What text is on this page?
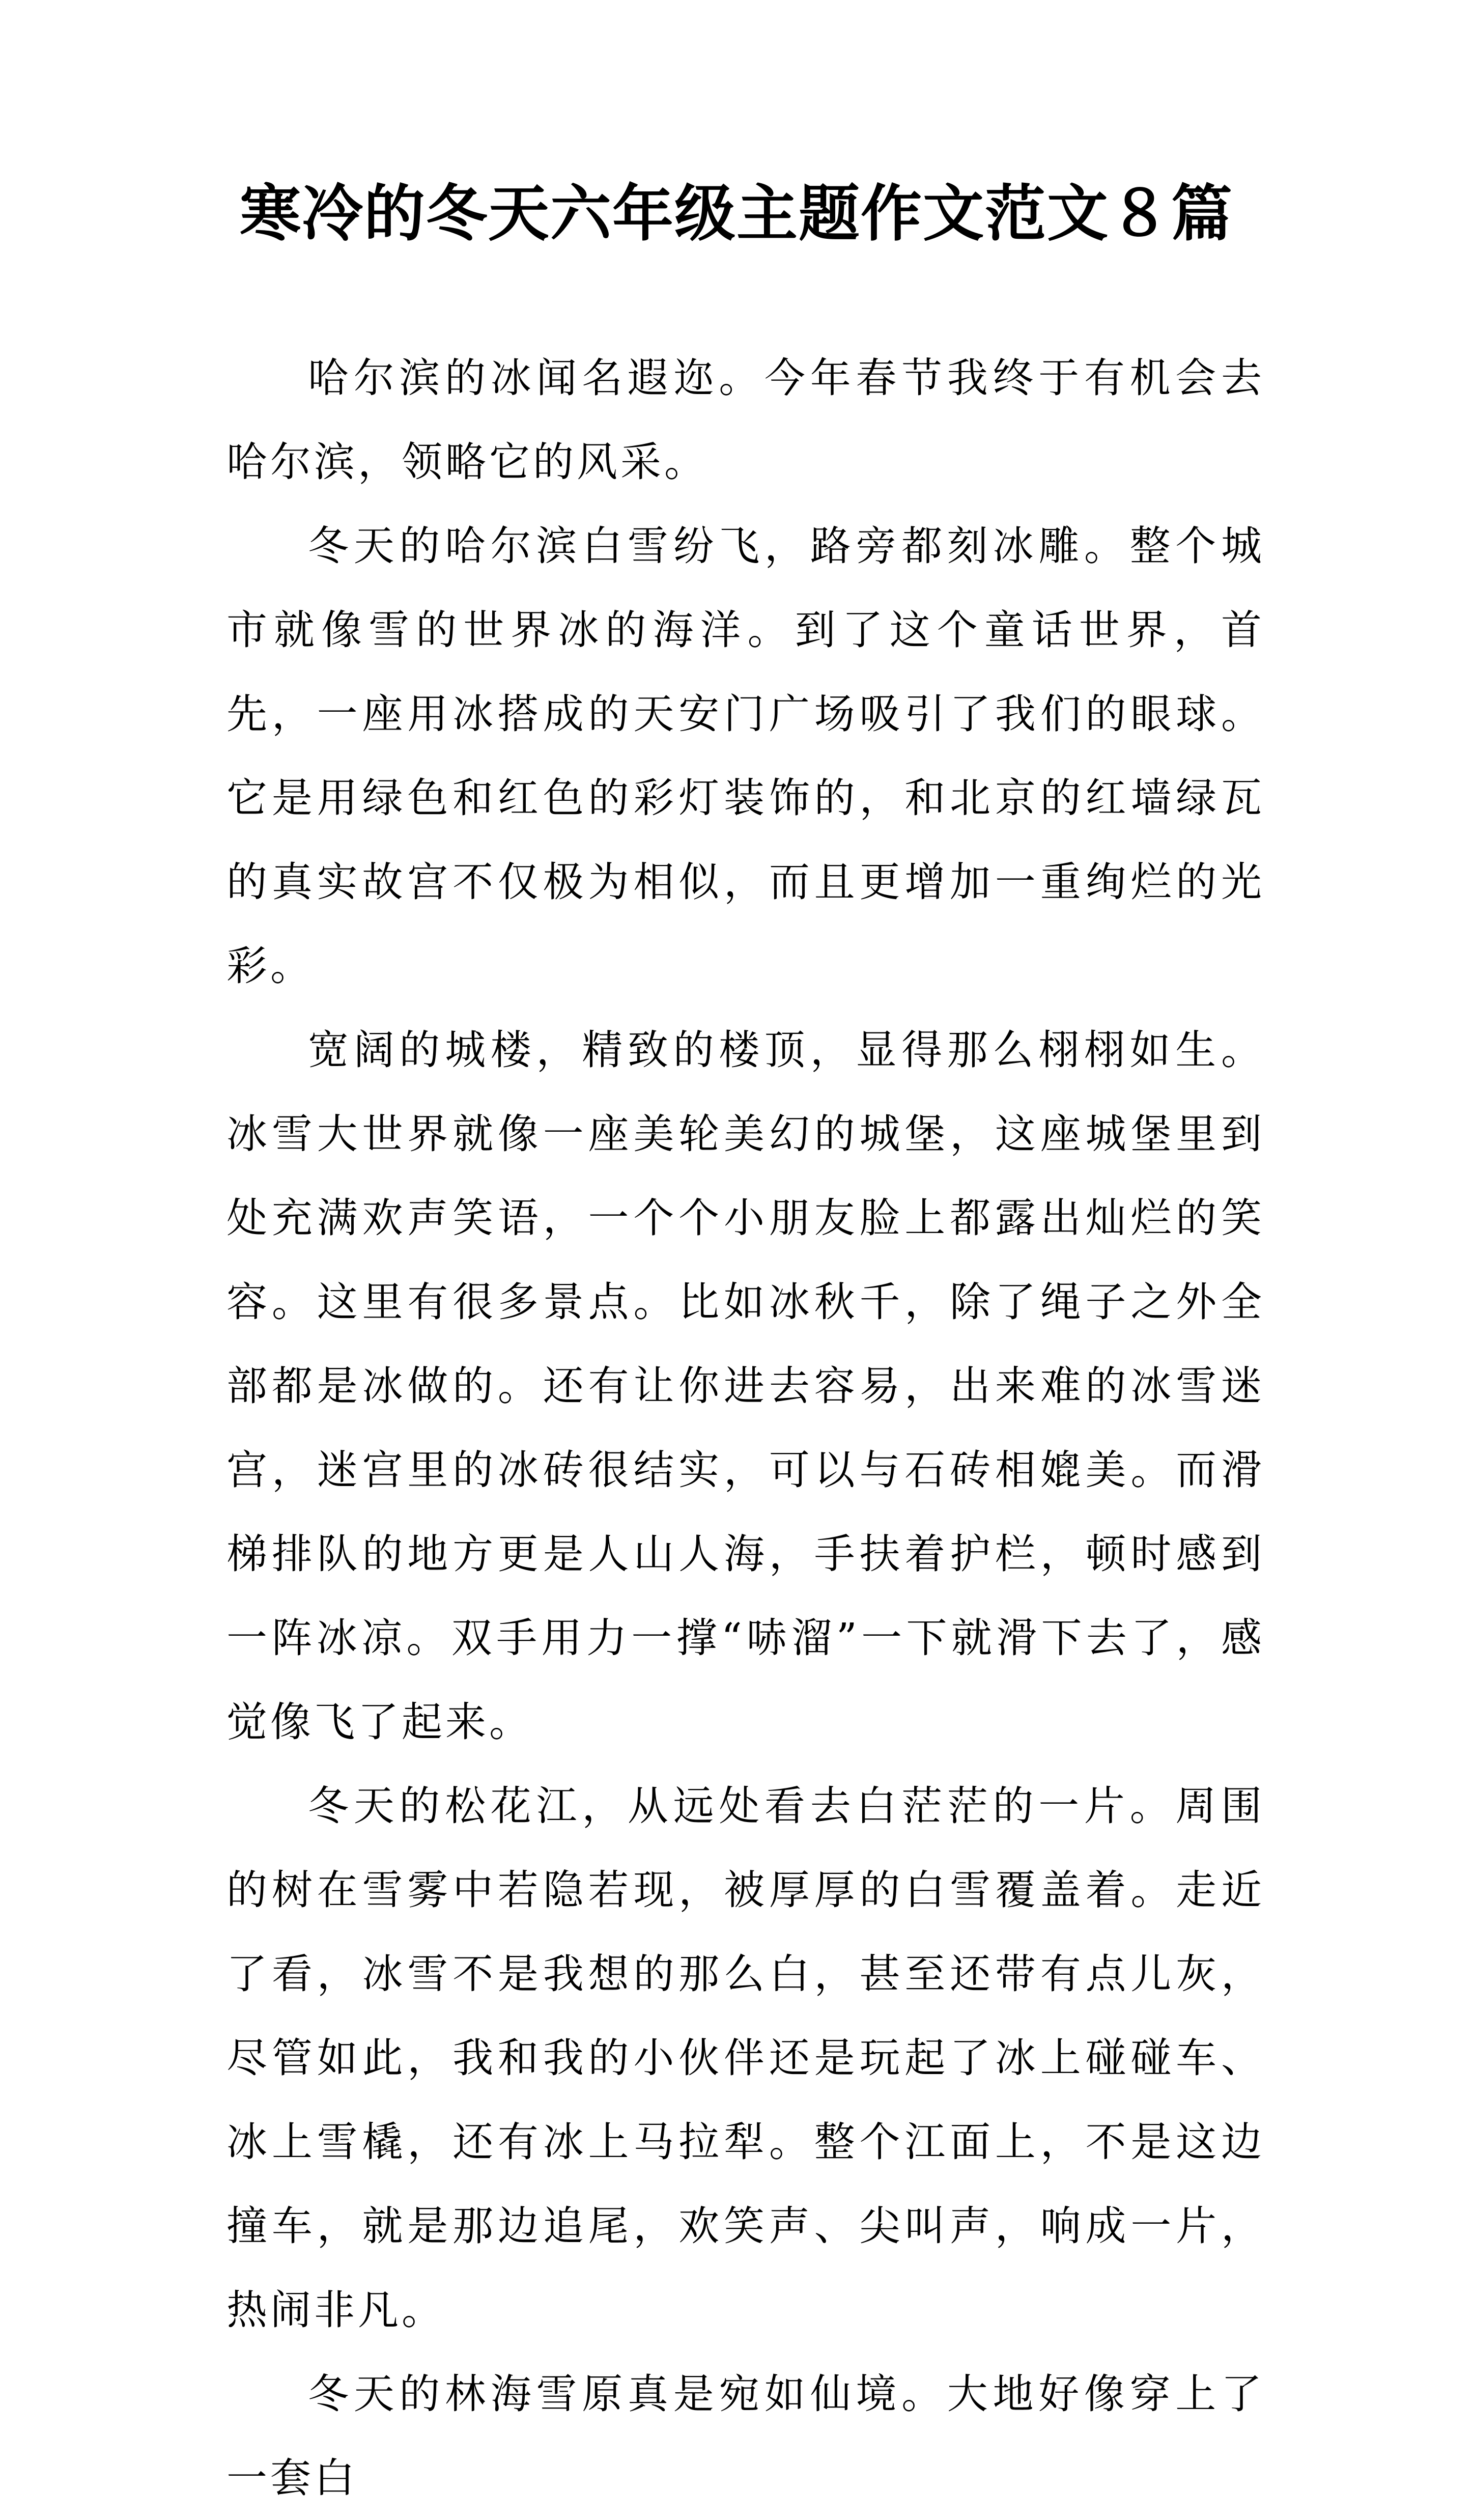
寒冷的冬天六年级主题作文范文８篇

哈尔滨的冰闻名遐迩。今年春节我终于有机会去哈尔滨，领略它的风采。

冬天的哈尔滨白雪纷飞，路旁都刻冰雕。整个城市就像雪的世界冰的海洋。到了这个童话世界，首先，一座用冰搭成的天安门广场吸引了我们的眼球。它是用绿色和红色的彩灯装饰的，和北京的红墙绿瓦的真实故宫不仅极为相似，而且更增加一重绚烂的光彩。

宽阔的城楼，精致的楼顶，显得那么栩栩如生。冰雪大世界就像一座美轮美幻的城堡，这座城堡里到处充满欢声笑语，一个个小朋友脸上都露出灿烂的笑容。这里有很多景点。比如冰秋千，除了绳子之外全部都是冰做的。还有让你进去容易，出来难的冰雪迷宫，迷宫里的冰砖很结实，可以与石砖相媲美。而滑梯排队的地方更是人山人海，手扶着护栏，顿时感到一阵冰凉。双手用力一撑“哧溜”一下就滑下去了，感觉像飞了起来。

冬天的松花江，从远处看去白茫茫的一片。周围的树在雪雾中若隐若现，被厚厚的白雪覆盖着。走近了看，冰雪不是我想的那么白，甚至还带有点儿灰，尽管如此，我和我的小伙伴还是玩起了冰上碰碰车、冰上雪橇，还有冰上马拉犁。整个江面上，不是这边撞车，就是那边追尾，欢笑声、尖叫声，响成一片，热闹非凡。

冬天的林海雪原真是宛如仙境。大地好像穿上了一套白
